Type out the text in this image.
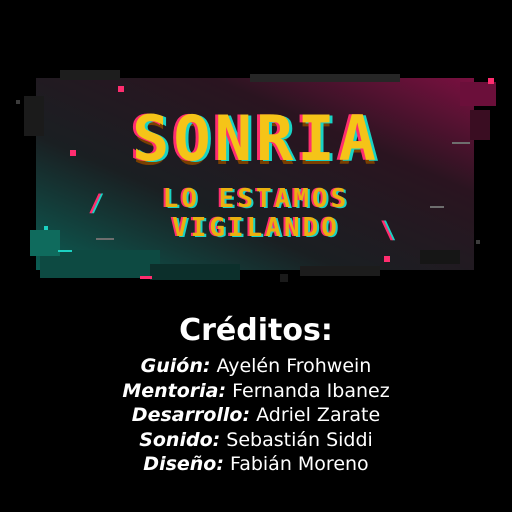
/
\
SONRIA
LO ESTAMOS
VIGILANDO
Créditos:
Guión: Ayelén Frohwein
Mentoria: Fernanda Ibanez
Desarrollo: Adriel Zarate
Sonido: Sebastián Siddi
Diseño: Fabián Moreno
